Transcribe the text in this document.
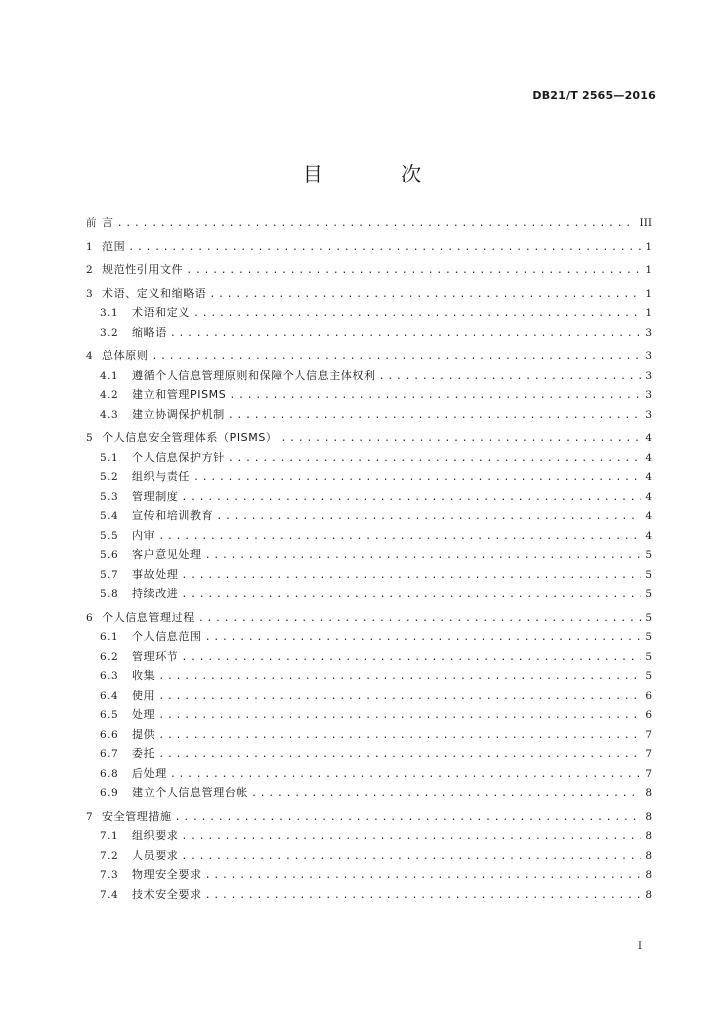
DB21/T 2565—2016
目 次
前 言 .....	III
1 范围 .....	1
2 规范性引用文件 .....	1
3 术语、定义和缩略语 .....	1
3.1	术语和定义 .....	1
3.2	缩略语 .....	3
4 总体原则 .....	3
4.1	遵循个人信息管理原则和保障个人信息主体权利 .....	3
4.2	建立和管理PISMS .....	3
4.3	建立协调保护机制 .....	3
5 个人信息安全管理体系（PISMS） .....	4
5.1	个人信息保护方针 .....	4
5.2	组织与责任 .....	4
5.3	管理制度 .....	4
5.4	宣传和培训教育 .....	4
5.5	内审 .....	4
5.6	客户意见处理 .....	5
5.7	事故处理 .....	5
5.8	持续改进 .....	5
6 个人信息管理过程 .....	5
6.1	个人信息范围 .....	5
6.2	管理环节 .....	5
6.3	收集 .....	5
6.4	使用 .....	6
6.5	处理 .....	6
6.6	提供 .....	7
6.7	委托 .....	7
6.8	后处理 .....	7
6.9	建立个人信息管理台帐 .....	8
7 安全管理措施 .....	8
7.1	组织要求 .....	8
7.2	人员要求 .....	8
7.3	物理安全要求 .....	8
7.4	技术安全要求 .....	8
I
